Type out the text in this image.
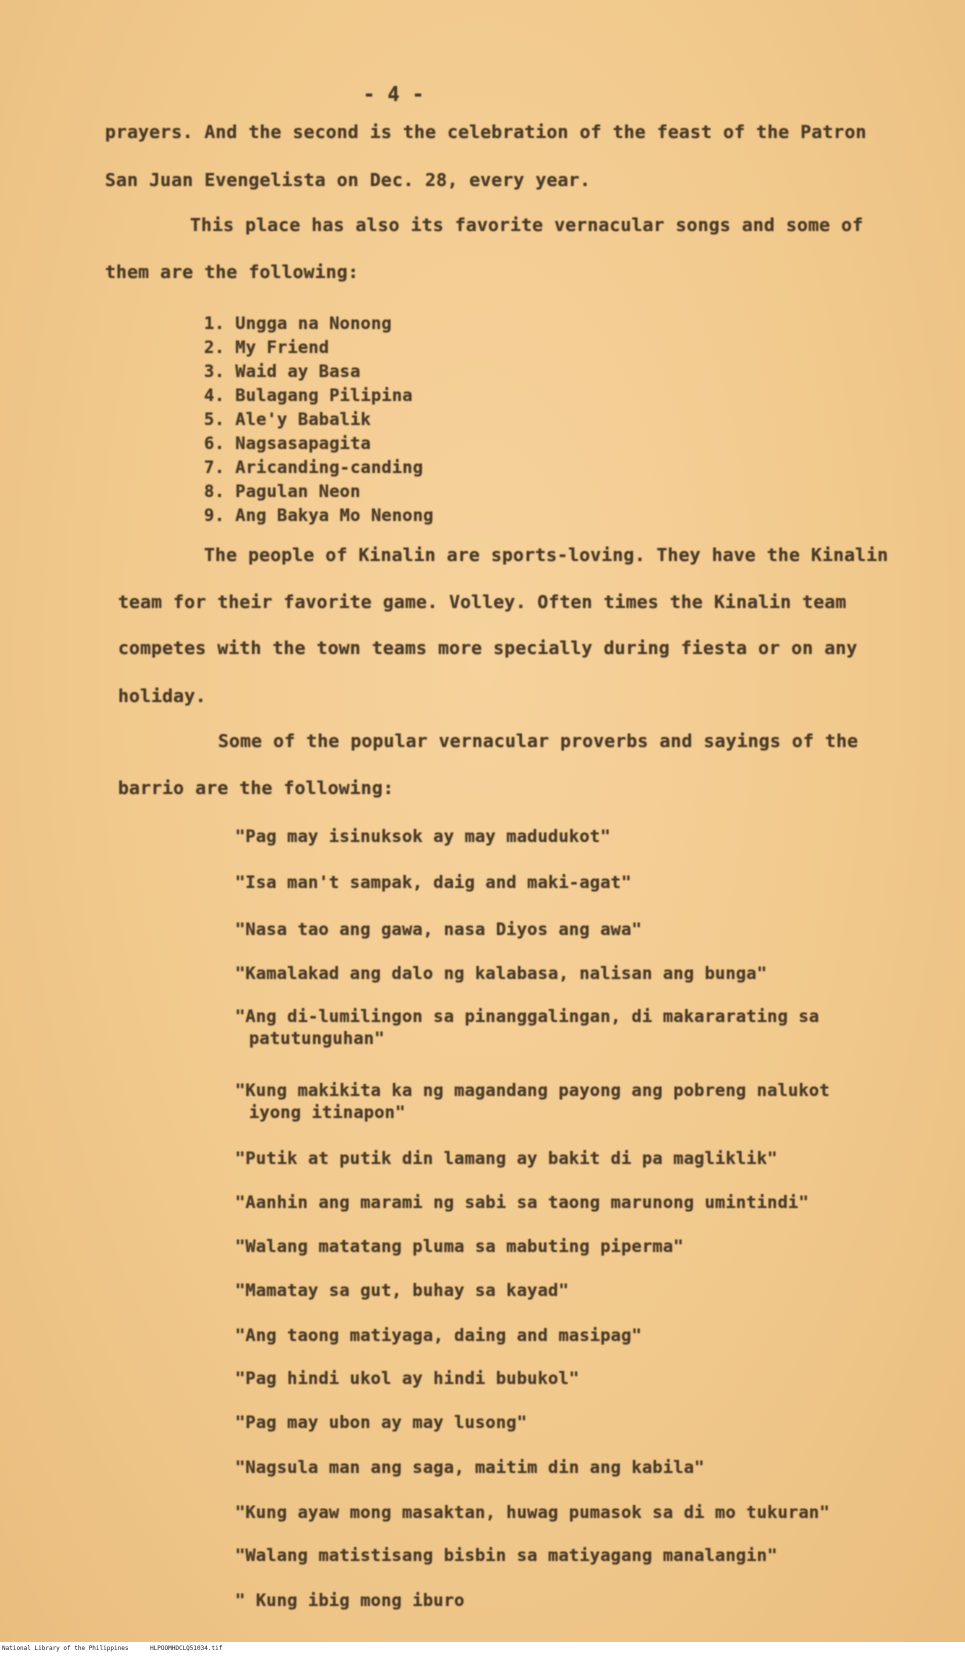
- 4 -
prayers. And the second is the celebration of the feast of the Patron
San Juan Evengelista on Dec. 28, every year.
This place has also its favorite vernacular songs and some of
them are the following:
1. Ungga na Nonong
2. My Friend
3. Waid ay Basa
4. Bulagang Pilipina
5. Ale'y Babalik
6. Nagsasapagita
7. Aricanding-canding
8. Pagulan Neon
9. Ang Bakya Mo Nenong
The people of Kinalin are sports-loving. They have the Kinalin
team for their favorite game. Volley. Often times the Kinalin team
competes with the town teams more specially during fiesta or on any
holiday.
Some of the popular vernacular proverbs and sayings of the
barrio are the following:
"Pag may isinuksok ay may madudukot"
"Isa man't sampak, daig and maki-agat"
"Nasa tao ang gawa, nasa Diyos ang awa"
"Kamalakad ang dalo ng kalabasa, nalisan ang bunga"
"Ang di-lumilingon sa pinanggalingan, di makararating sa
patutunguhan"
"Kung makikita ka ng magandang payong ang pobreng nalukot
iyong itinapon"
"Putik at putik din lamang ay bakit di pa magliklik"
"Aanhin ang marami ng sabi sa taong marunong umintindi"
"Walang matatang pluma sa mabuting piperma"
"Mamatay sa gut, buhay sa kayad"
"Ang taong matiyaga, daing and masipag"
"Pag hindi ukol ay hindi bubukol"
"Pag may ubon ay may lusong"
"Nagsula man ang saga, maitim din ang kabila"
"Kung ayaw mong masaktan, huwag pumasok sa di mo tukuran"
"Walang matistisang bisbin sa matiyagang manalangin"
" Kung ibig mong iburo
National Library of the Philippines	HLPOOMHDCLQ51034.tif
